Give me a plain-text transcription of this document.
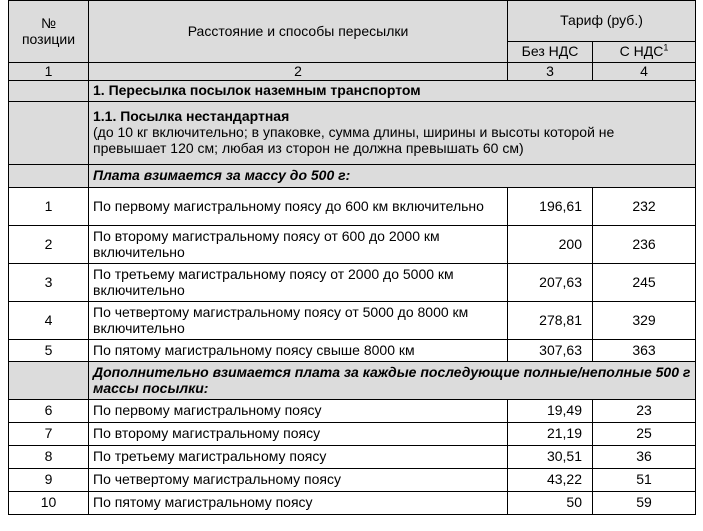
№ позиции	Расстояние и способы пересылки	Тариф (руб.)	
		Без НДС	С НДС$^1$
1	2	3	4
	1. Пересылка посылок наземным транспортом		

	1.1. Посылка нестандартная
(до 10 кг включительно; в упаковке, сумма длины, ширины и высоты которой не превышает 120 см; любая из сторон не должна превышать 60 см)		

	Плата взимается за массу до 500 г:		
1	По первому магистральному поясу до 600 км включительно	196,61	232
2	По второму магистральному поясу от 600 до 2000 км включительно	200	236
3	По третьему магистральному поясу от 2000 до 5000 км включительно	207,63	245
4	По четвертому магистральному поясу от 5000 до 8000 км включительно	278,81	329
5	По пятому магистральному поясу свыше 8000 км	307,63	363
	Дополнительно взимается плата за каждые последующие полные/неполные 500 г массы посылки:		
6	По первому магистральному поясу	19,49	23
7	По второму магистральному поясу	21,19	25
8	По третьему магистральному поясу	30,51	36
9	По четвертому магистральному поясу	43,22	51
10	По пятому магистральному поясу	50	59
